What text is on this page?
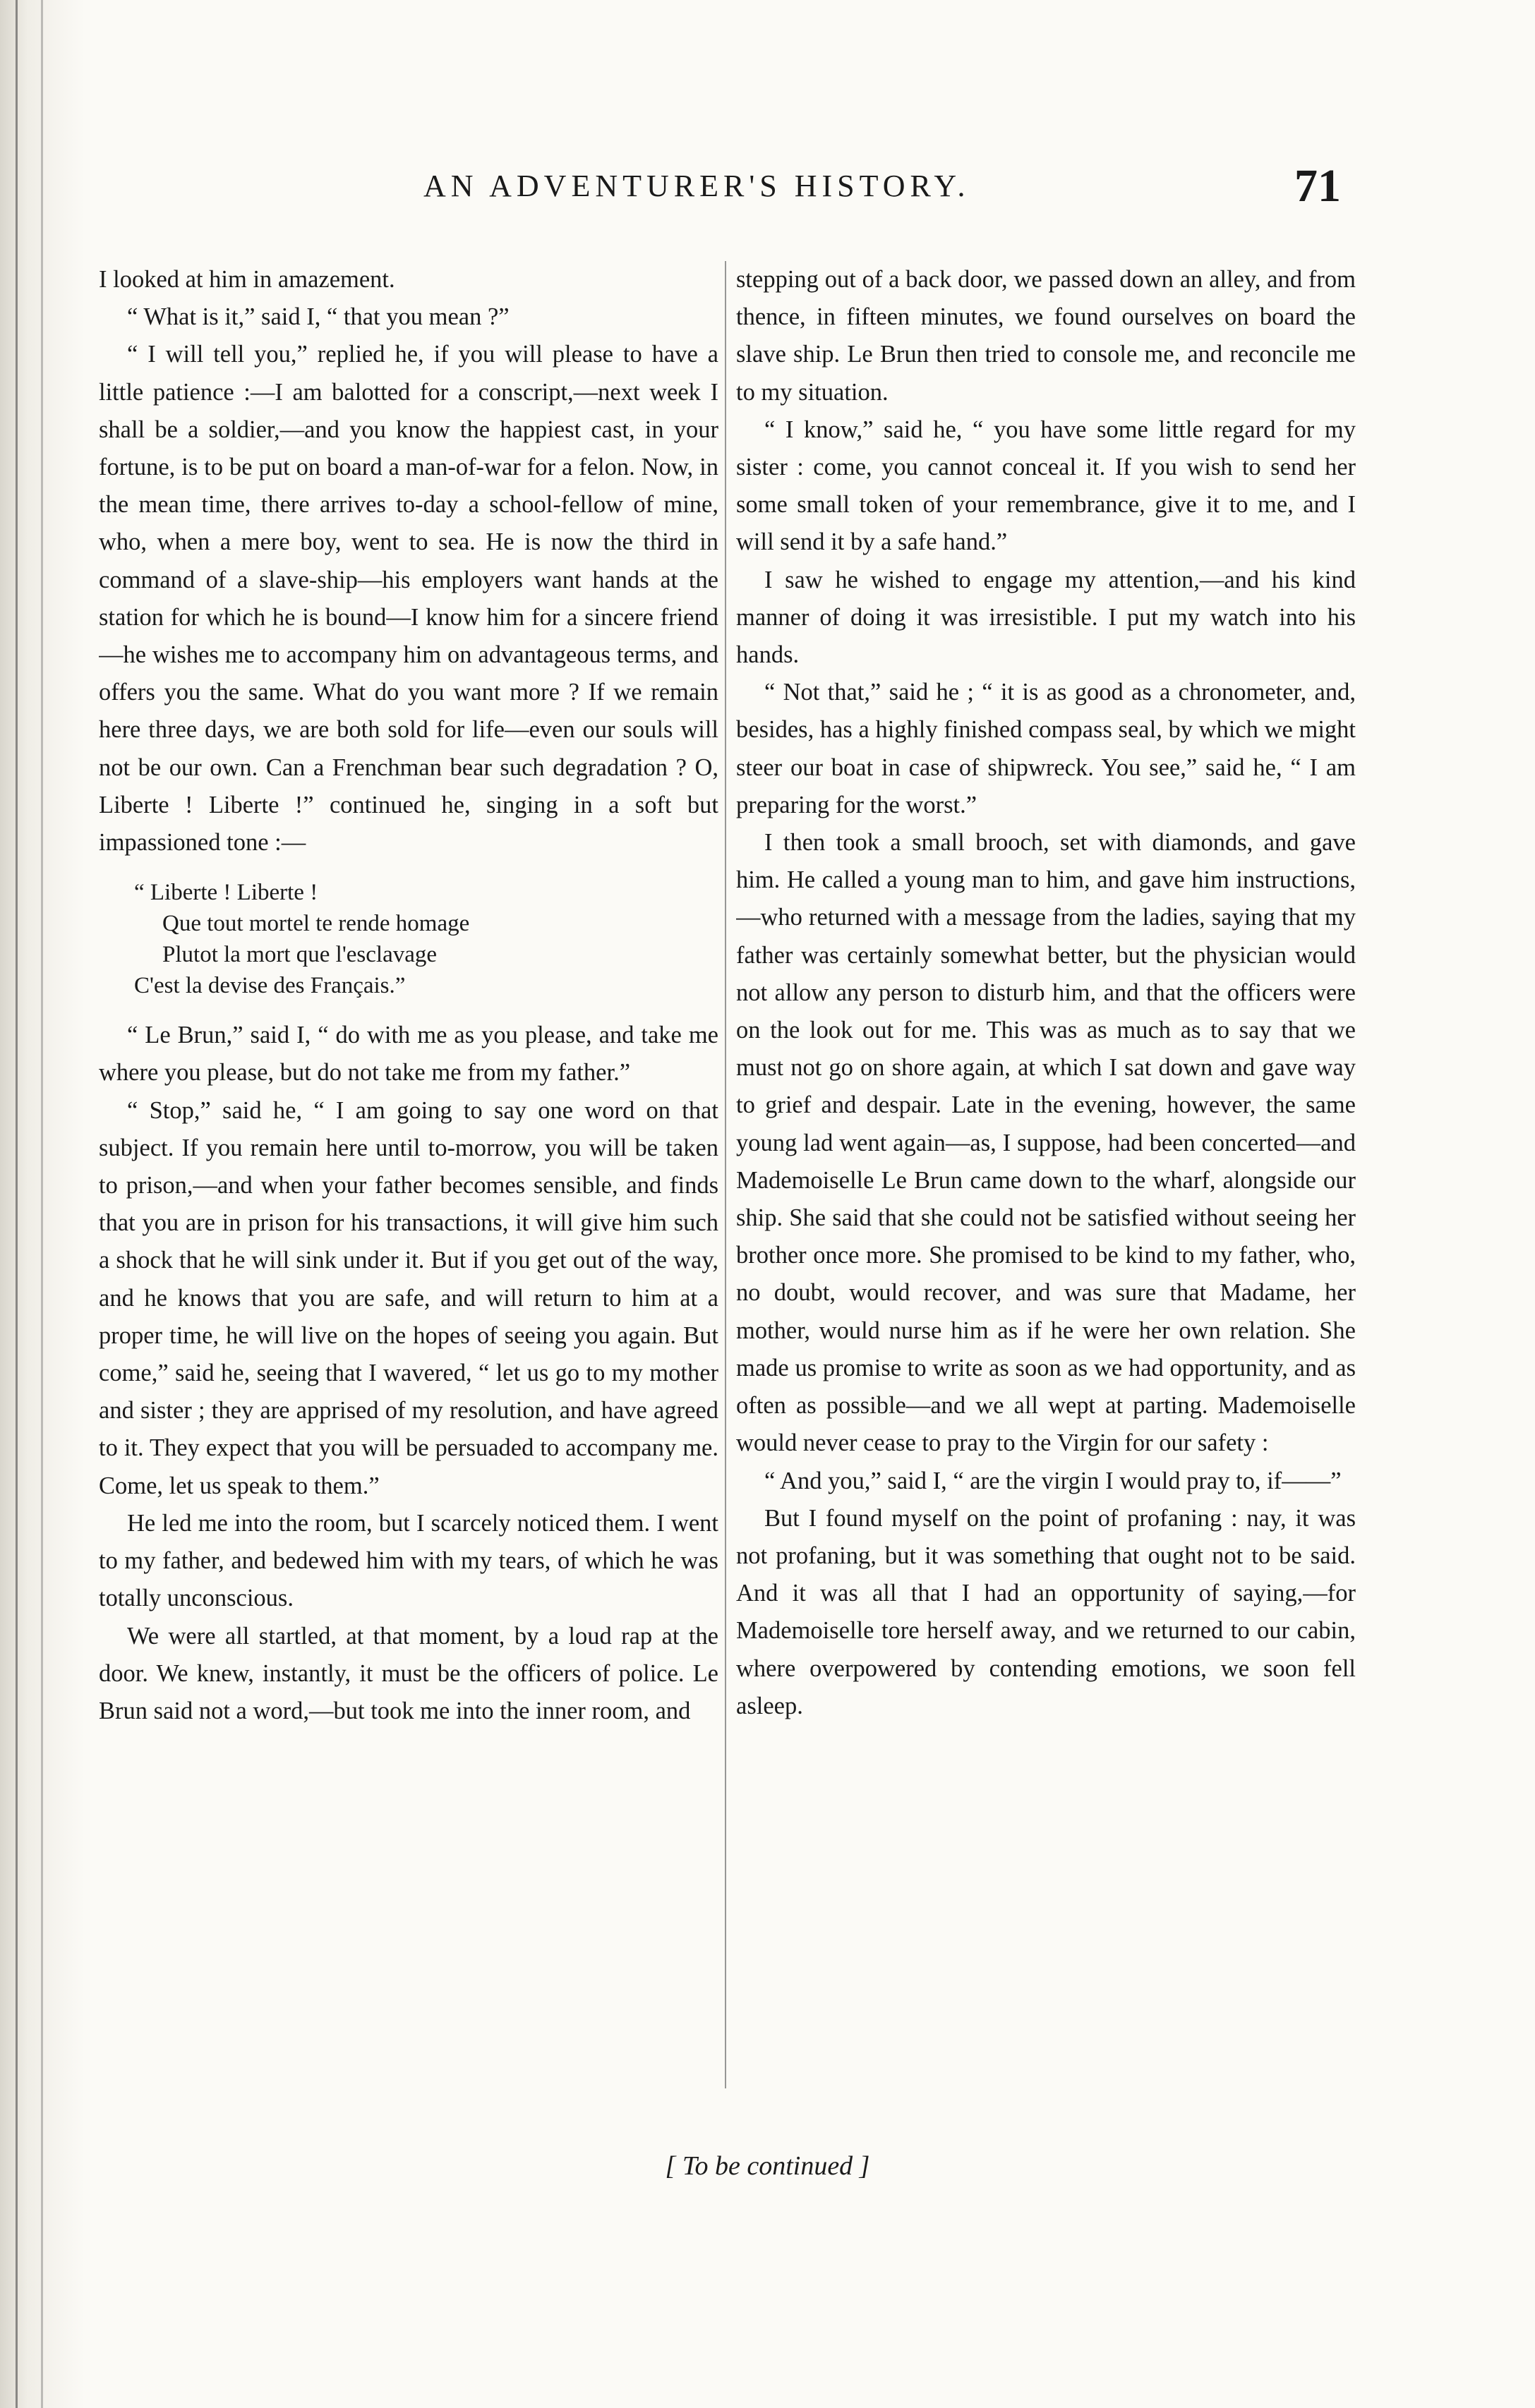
AN ADVENTURER'S HISTORY.	71

I looked at him in amazement.

“ What is it,” said I, “ that you mean ?”

“ I will tell you,” replied he, if you will please to have a little patience :—I am balotted for a conscript,—next week I shall be a soldier,—and you know the happiest cast, in your fortune, is to be put on board a man-of-war for a felon. Now, in the mean time, there arrives to-day a school-fellow of mine, who, when a mere boy, went to sea. He is now the third in command of a slave-ship—his employers want hands at the station for which he is bound—I know him for a sincere friend—he wishes me to accompany him on advantageous terms, and offers you the same. What do you want more ? If we remain here three days, we are both sold for life—even our souls will not be our own. Can a Frenchman bear such degradation ? O, Liberte ! Liberte !” continued he, singing in a soft but impassioned tone :—

“ Liberte ! Liberte !
Que tout mortel te rende homage
Plutot la mort que l'esclavage
C'est la devise des Français.”

“ Le Brun,” said I, “ do with me as you please, and take me where you please, but do not take me from my father.”

“ Stop,” said he, “ I am going to say one word on that subject. If you remain here until to-morrow, you will be taken to prison,—and when your father becomes sensible, and finds that you are in prison for his transactions, it will give him such a shock that he will sink under it. But if you get out of the way, and he knows that you are safe, and will return to him at a proper time, he will live on the hopes of seeing you again. But come,” said he, seeing that I wavered, “ let us go to my mother and sister ; they are apprised of my resolution, and have agreed to it. They expect that you will be persuaded to accompany me. Come, let us speak to them.”

He led me into the room, but I scarcely noticed them. I went to my father, and bedewed him with my tears, of which he was totally unconscious.

We were all startled, at that moment, by a loud rap at the door. We knew, instantly, it must be the officers of police. Le Brun said not a word,—but took me into the inner room, and

stepping out of a back door, we passed down an alley, and from thence, in fifteen minutes, we found ourselves on board the slave ship. Le Brun then tried to console me, and reconcile me to my situation.

“ I know,” said he, “ you have some little regard for my sister : come, you cannot conceal it. If you wish to send her some small token of your remembrance, give it to me, and I will send it by a safe hand.”

I saw he wished to engage my attention,—and his kind manner of doing it was irresistible. I put my watch into his hands.

“ Not that,” said he ; “ it is as good as a chronometer, and, besides, has a highly finished compass seal, by which we might steer our boat in case of shipwreck. You see,” said he, “ I am preparing for the worst.”

I then took a small brooch, set with diamonds, and gave him. He called a young man to him, and gave him instructions,—who returned with a message from the ladies, saying that my father was certainly somewhat better, but the physician would not allow any person to disturb him, and that the officers were on the look out for me. This was as much as to say that we must not go on shore again, at which I sat down and gave way to grief and despair. Late in the evening, however, the same young lad went again—as, I suppose, had been concerted—and Mademoiselle Le Brun came down to the wharf, alongside our ship. She said that she could not be satisfied without seeing her brother once more. She promised to be kind to my father, who, no doubt, would recover, and was sure that Madame, her mother, would nurse him as if he were her own relation. She made us promise to write as soon as we had opportunity, and as often as possible—and we all wept at parting. Mademoiselle would never cease to pray to the Virgin for our safety :

“ And you,” said I, “ are the virgin I would pray to, if——”

But I found myself on the point of profaning : nay, it was not profaning, but it was something that ought not to be said. And it was all that I had an opportunity of saying,—for Mademoiselle tore herself away, and we returned to our cabin, where overpowered by contending emotions, we soon fell asleep.

[ To be continued ]
